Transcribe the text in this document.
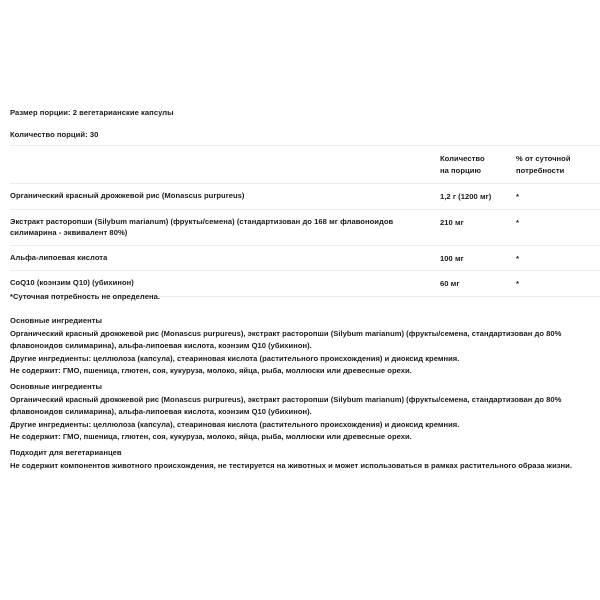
Размер порции: 2 вегетарианские капсулы
Количество порций: 30
	Количество
на порцию	% от суточной
потребности
Органический красный дрожжевой рис (Monascus purpureus)	1,2 г (1200 мг)	*
Экстракт расторопши (Silybum marianum) (фрукты/семена) (стандартизован до 168 мг флавоноидов силимарина - эквивалент 80%)	210 мг	*
Альфа-липоевая кислота	100 мг	*
CoQ10 (коэнзим Q10) (убихинон)	60 мг	*
*Суточная потребность не определена.
Основные ингредиенты

Органический красный дрожжевой рис (Monascus purpureus), экстракт расторопши (Silybum marianum) (фрукты/семена, стандартизован до 80% флавоноидов силимарина), альфа-липоевая кислота, коэнзим Q10 (убихинон).

Другие ингредиенты: целлюлоза (капсула), стеариновая кислота (растительного происхождения) и диоксид кремния.

Не содержит: ГМО, пшеница, глютен, соя, кукуруза, молоко, яйца, рыба, моллюски или древесные орехи.

Основные ингредиенты

Органический красный дрожжевой рис (Monascus purpureus), экстракт расторопши (Silybum marianum) (фрукты/семена, стандартизован до 80% флавоноидов силимарина), альфа-липоевая кислота, коэнзим Q10 (убихинон).

Другие ингредиенты: целлюлоза (капсула), стеариновая кислота (растительного происхождения) и диоксид кремния.

Не содержит: ГМО, пшеница, глютен, соя, кукуруза, молоко, яйца, рыба, моллюски или древесные орехи.

Подходит для вегетарианцев

Не содержит компонентов животного происхождения, не тестируется на животных и может использоваться в рамках растительного образа жизни.
